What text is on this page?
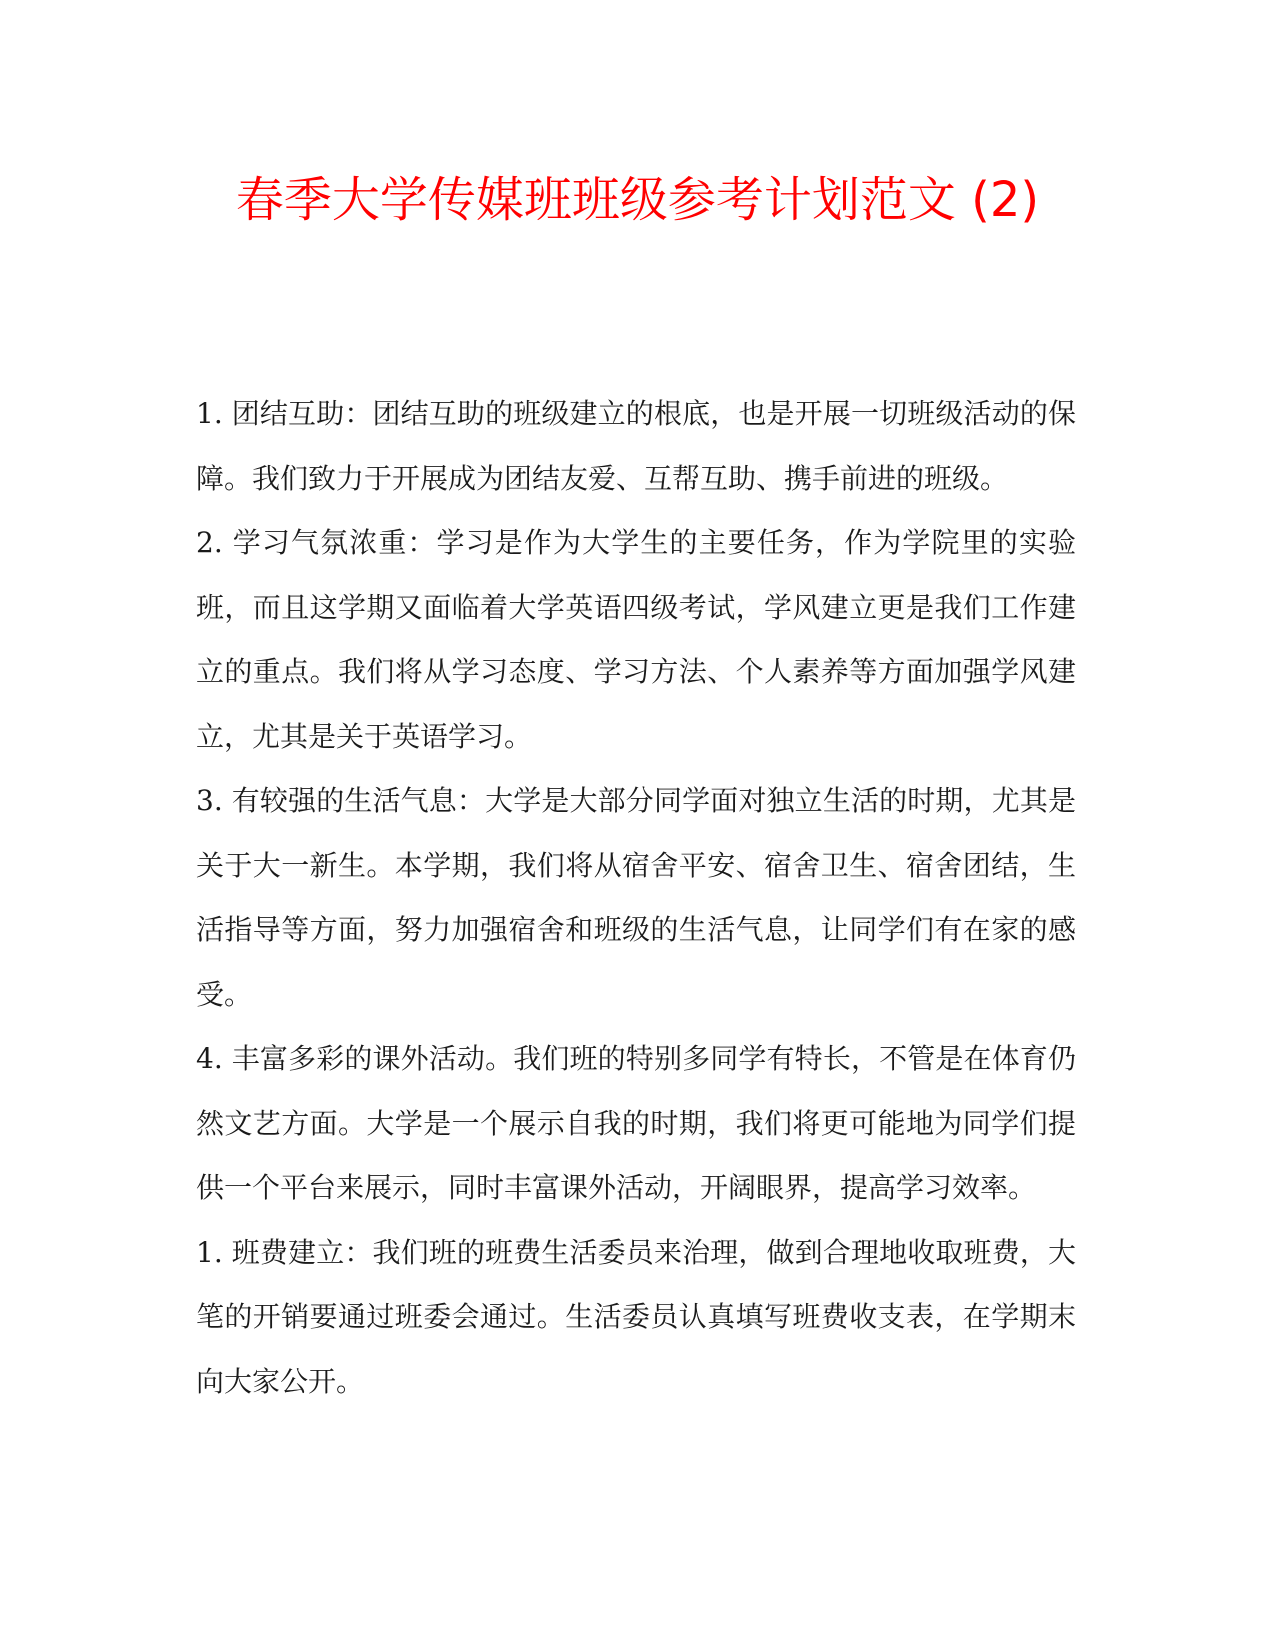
春季大学传媒班班级参考计划范文 (2)

1. 团结互助：团结互助的班级建立的根底，也是开展一切班级活动的保障。我们致力于开展成为团结友爱、互帮互助、携手前进的班级。

2. 学习气氛浓重：学习是作为大学生的主要任务，作为学院里的实验班，而且这学期又面临着大学英语四级考试，学风建立更是我们工作建立的重点。我们将从学习态度、学习方法、个人素养等方面加强学风建立，尤其是关于英语学习。

3. 有较强的生活气息：大学是大部分同学面对独立生活的时期，尤其是关于大一新生。本学期，我们将从宿舍平安、宿舍卫生、宿舍团结，生活指导等方面，努力加强宿舍和班级的生活气息，让同学们有在家的感受。

4. 丰富多彩的课外活动。我们班的特别多同学有特长，不管是在体育仍然文艺方面。大学是一个展示自我的时期，我们将更可能地为同学们提供一个平台来展示，同时丰富课外活动，开阔眼界，提高学习效率。

1. 班费建立：我们班的班费生活委员来治理，做到合理地收取班费，大笔的开销要通过班委会通过。生活委员认真填写班费收支表，在学期末向大家公开。
